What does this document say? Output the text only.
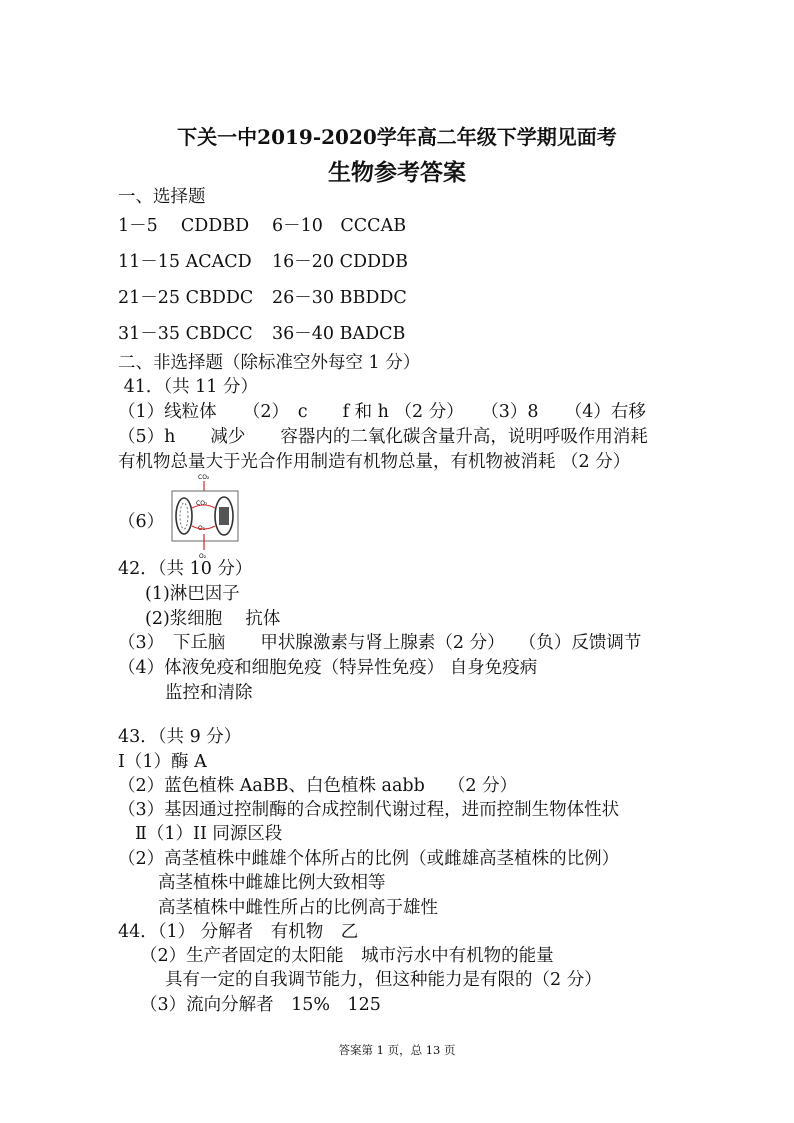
下关一中2019-2020学年高二年级下学期见面考
生物参考答案
一、选择题
1－5　 CDDBD 6－10　CCCAB
11－15 ACACD 16－20 CDDDB
21－25 CBDDC 26－30 BBDDC
31－35 CBDCC 36－40 BADCB
二、非选择题（除标准空外每空 1 分）
41．（共 11 分）
（1）线粒体　　（2）　c　　f 和 h （2 分）　　（3）8　　（4）右移
（5）h　　减少　　容器内的二氧化碳含量升高，说明呼吸作用消耗
有机物总量大于光合作用制造有机物总量，有机物被消耗 （2 分）
（6）
CO₂
CO₂
O₂
O₂
42．（共 10 分）
(1)淋巴因子
(2)浆细胞　 抗体
（3）　下丘脑　　甲状腺激素与肾上腺素（2 分）　 （负）反馈调节
（4）体液免疫和细胞免疫（特异性免疫） 自身免疫病
监控和清除
43．（共 9 分）
I（1）酶 A
（2）蓝色植株 AaBB、白色植株 aabb　 （2 分）
（3）基因通过控制酶的合成控制代谢过程，进而控制生物体性状
Ⅱ（1）II 同源区段
（2）高茎植株中雌雄个体所占的比例（或雌雄高茎植株的比例）
高茎植株中雌雄比例大致相等
高茎植株中雌性所占的比例高于雄性
44．（1） 分解者　有机物　乙
（2）生产者固定的太阳能　城市污水中有机物的能量
具有一定的自我调节能力，但这种能力是有限的（2 分）
（3）流向分解者　15%　125
答案第 1 页，总 13 页
